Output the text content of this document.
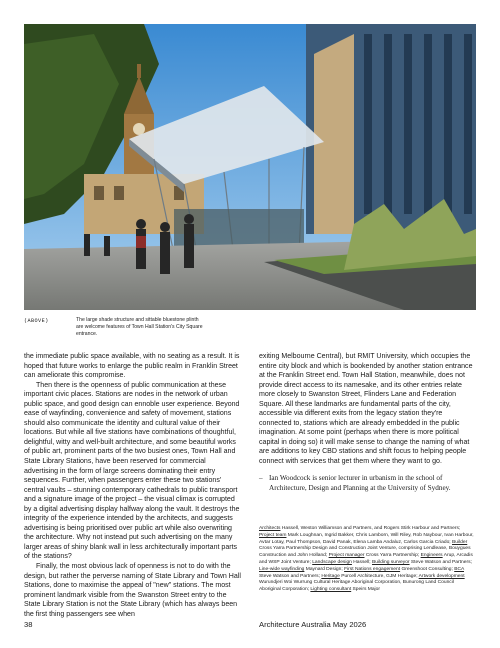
(ABOVE)	The large shade structure and sittable bluestone plinth are welcome features of Town Hall Station's City Square entrance.

the immediate public space available, with no seating as a result. It is hoped that future works to enlarge the public realm in Franklin Street can ameliorate this compromise.

Then there is the openness of public communication at these important civic places. Stations are nodes in the network of urban public space, and good design can ennoble user experience. Beyond ease of wayfinding, convenience and safety of movement, stations should also communicate the identity and cultural value of their locations. But while all five stations have combinations of thoughtful, delightful, witty and well-built architecture, and some beautiful works of public art, prominent parts of the two busiest ones, Town Hall and State Library Stations, have been reserved for commercial advertising in the form of large screens dominating their entry sequences. Further, when passengers enter these two stations' central vaults – stunning contemporary cathedrals to public transport and a signature image of the project – the visual climax is corrupted by a digital advertising display halfway along the vault. It destroys the integrity of the experience intended by the architects, and suggests advertising is being prioritised over public art while also overwriting the architecture. Why not instead put such advertising on the many larger areas of shiny blank wall in less architecturally important parts of the stations?

Finally, the most obvious lack of openness is not to do with the design, but rather the perverse naming of State Library and Town Hall Stations, done to maximise the appeal of "new" stations. The most prominent landmark visible from the Swanston Street entry to the State Library Station is not the State Library (which has always been the first thing passengers see when

exiting Melbourne Central), but RMIT University, which occupies the entire city block and which is bookended by another station entrance at the Franklin Street end. Town Hall Station, meanwhile, does not provide direct access to its namesake, and its other entries relate more closely to Swanston Street, Flinders Lane and Federation Square. All these landmarks are fundamental parts of the city, accessible via different exits from the legacy station they're connected to, stations which are already embedded in the public imagination. At some point (perhaps when there is more political capital in doing so) it will make sense to change the naming of what are additions to key CBD stations and shift focus to helping people connect with services that get them where they want to go.

– Ian Woodcock is senior lecturer in urbanism in the school of Architecture, Design and Planning at the University of Sydney.
Architects Hassell, Weston Williamson and Partners, and Rogers Stirk Harbour and Partners; Project team Mark Loughnan, Ingrid Bakker, Chris Lamborn, Will Riley, Rob Naybour, Ivan Harbour, Avtar Lotay, Paul Thompson, David Panak, Elena Lamba Andaluz, Carlos Garcia Criado; Builder Cross Yarra Partnership Design and Construction Joint Venture, comprising Lendlease, Bouygues Construction and John Holland; Project manager Cross Yarra Partnership; Engineers Arup, Arcadis and WSP Joint Venture; Landscape design Hassell; Building surveyor Steve Watson and Partners; Line-wide wayfinding Maynard Design; First Nations engagement Greenshoot Consulting; BCA Steve Watson and Partners; Heritage Purcell Architecture, GJM Heritage; Artwork development Wurundjeri Woi Wurrung Cultural Heritage Aboriginal Corporation, Bunurong Land Council Aboriginal Corporation; Lighting consultant Speirs Major
38	Architecture Australia May 2026
